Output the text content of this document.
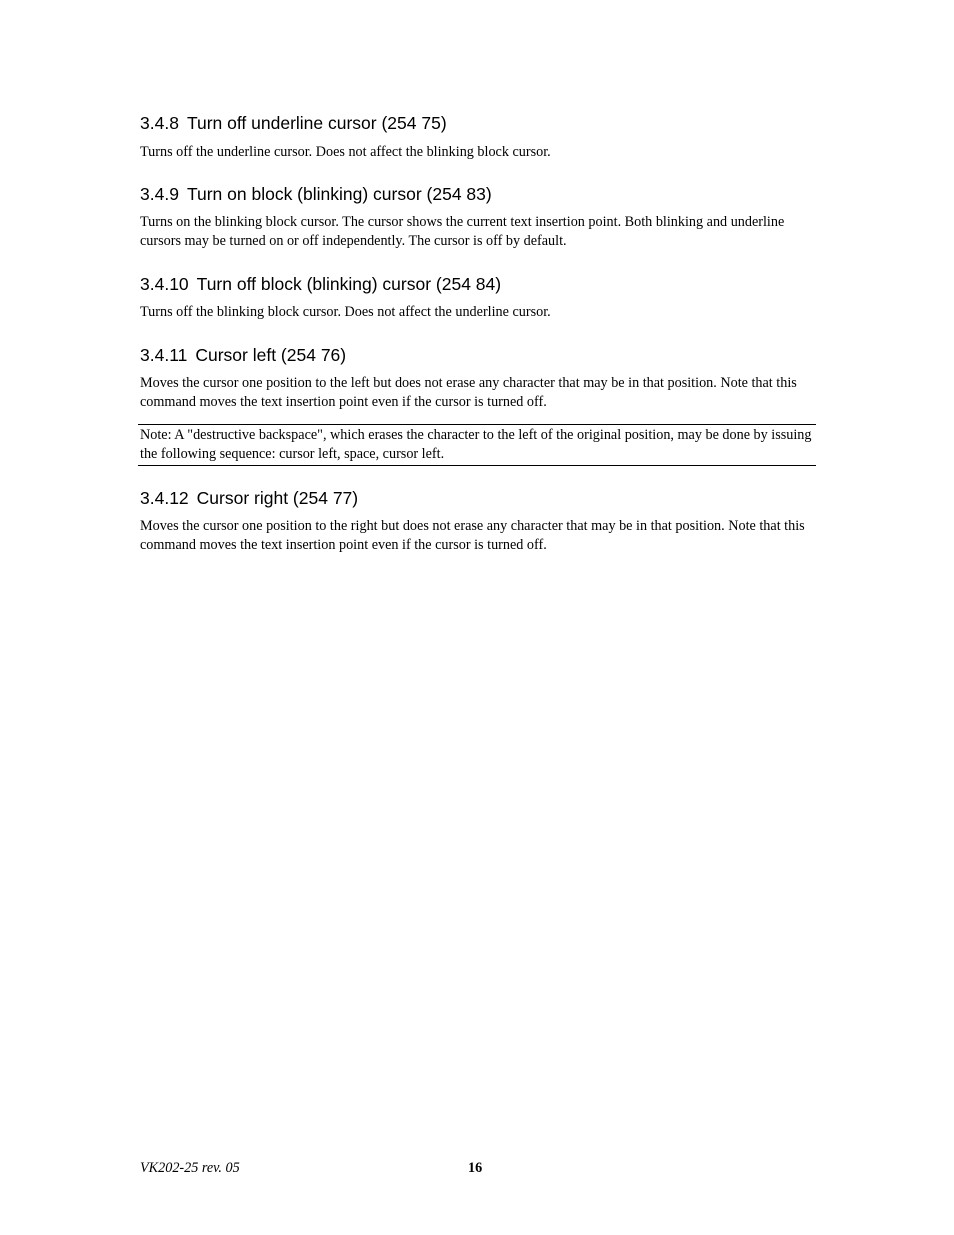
3.4.8 Turn off underline cursor (254 75)

Turns off the underline cursor. Does not affect the blinking block cursor.

3.4.9 Turn on block (blinking) cursor (254 83)

Turns on the blinking block cursor. The cursor shows the current text insertion point. Both blinking and underline cursors may be turned on or off independently. The cursor is off by default.

3.4.10 Turn off block (blinking) cursor (254 84)

Turns off the blinking block cursor. Does not affect the underline cursor.

3.4.11 Cursor left (254 76)

Moves the cursor one position to the left but does not erase any character that may be in that position. Note that this command moves the text insertion point even if the cursor is turned off.

Note: A "destructive backspace", which erases the character to the left of the original position, may be done by issuing the following sequence: cursor left, space, cursor left.

3.4.12 Cursor right (254 77)

Moves the cursor one position to the right but does not erase any character that may be in that position. Note that this command moves the text insertion point even if the cursor is turned off.

VK202-25 rev. 05	16
